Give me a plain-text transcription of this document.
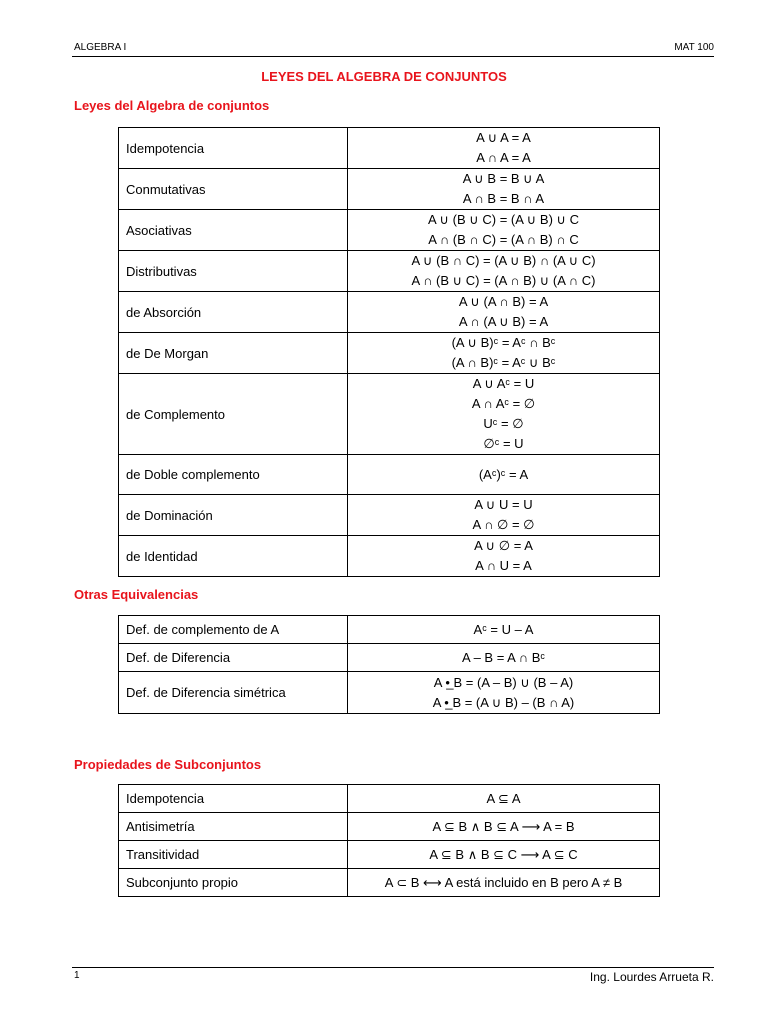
ALGEBRA I	MAT 100
LEYES DEL ALGEBRA DE CONJUNTOS
Leyes del Algebra de conjuntos
Idempotencia	A ∪ A = A
A ∩ A = A

Conmutativas	A ∪ B = B ∪ A
A ∩ B = B ∩ A

Asociativas	A ∪ (B ∪ C) = (A ∪ B) ∪ C
A ∩ (B ∩ C) = (A ∩ B) ∩ C

Distributivas	A ∪ (B ∩ C) = (A ∪ B) ∩ (A ∪ C)
A ∩ (B ∪ C) = (A ∩ B) ∪ (A ∩ C)

de Absorción	A ∪ (A ∩ B) = A
A ∩ (A ∪ B) = A

de De Morgan	(A ∪ B)ᶜ = Aᶜ ∩ Bᶜ
(A ∩ B)ᶜ = Aᶜ ∪ Bᶜ

de Complemento	A ∪ Aᶜ = U
A ∩ Aᶜ = ∅
Uᶜ = ∅
∅ᶜ = U

de Doble complemento	(Aᶜ)ᶜ = A

de Dominación	A ∪ U = U
A ∩ ∅ = ∅

de Identidad	A ∪ ∅ = A
A ∩ U = A
Otras Equivalencias
Def. de complemento de A	Aᶜ = U – A

Def. de Diferencia	A – B = A ∩ Bᶜ

Def. de Diferencia simétrica	A •̲ B = (A – B) ∪ (B – A)
A •̲ B = (A ∪ B) – (B ∩ A)
Propiedades de Subconjuntos
Idempotencia	A ⊆ A

Antisimetría	A ⊆ B ∧ B ⊆ A ⟶ A = B

Transitividad	A ⊆ B ∧ B ⊆ C ⟶ A ⊆ C

Subconjunto propio	A ⊂ B ⟷ A está incluido en B pero A ≠ B
1	Ing. Lourdes Arrueta R.
